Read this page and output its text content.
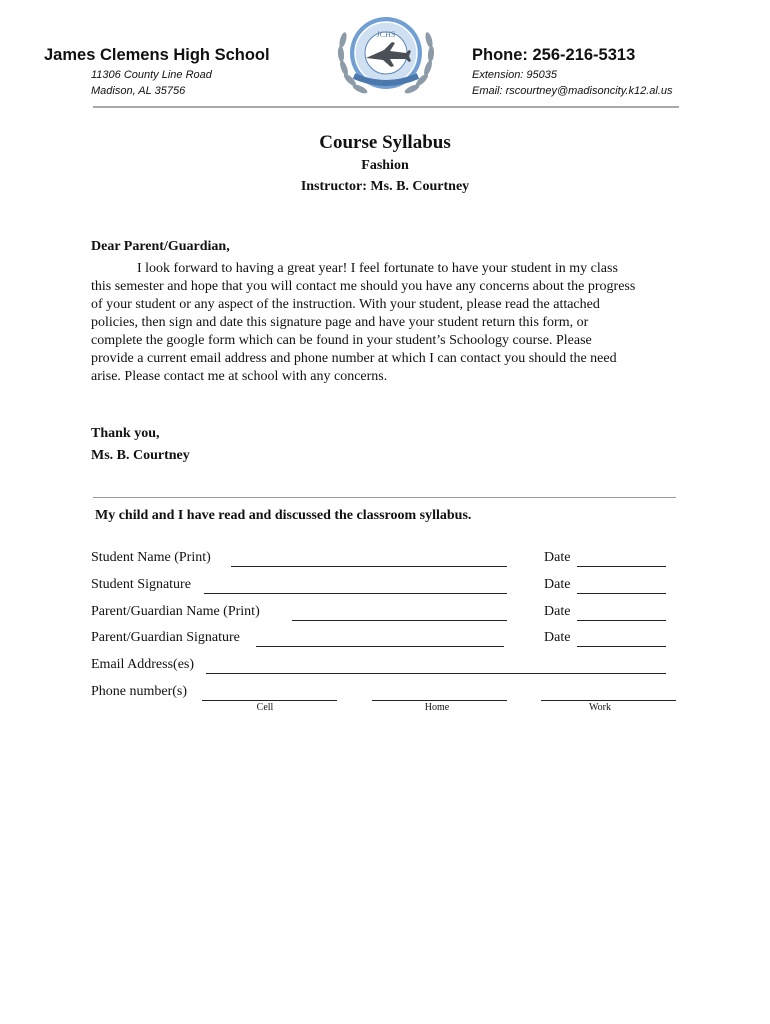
James Clemens High School
11306 County Line Road
Madison, AL 35756
Phone: 256-216-5313
Extension: 95035
Email: rscourtney@madisoncity.k12.al.us
JCHS
Course Syllabus
Fashion
Instructor: Ms. B. Courtney
Dear Parent/Guardian,
I look forward to having a great year! I feel fortunate to have your student in my class
this semester and hope that you will contact me should you have any concerns about the progress
of your student or any aspect of the instruction. With your student, please read the attached
policies, then sign and date this signature page and have your student return this form, or
complete the google form which can be found in your student’s Schoology course. Please
provide a current email address and phone number at which I can contact you should the need
arise. Please contact me at school with any concerns.
Thank you,
Ms. B. Courtney
My child and I have read and discussed the classroom syllabus.
Student Name (Print)	Date
Student Signature	Date
Parent/Guardian Name (Print)	Date
Parent/Guardian Signature	Date
Email Address(es)
Phone number(s)
Cell	Home	Work
